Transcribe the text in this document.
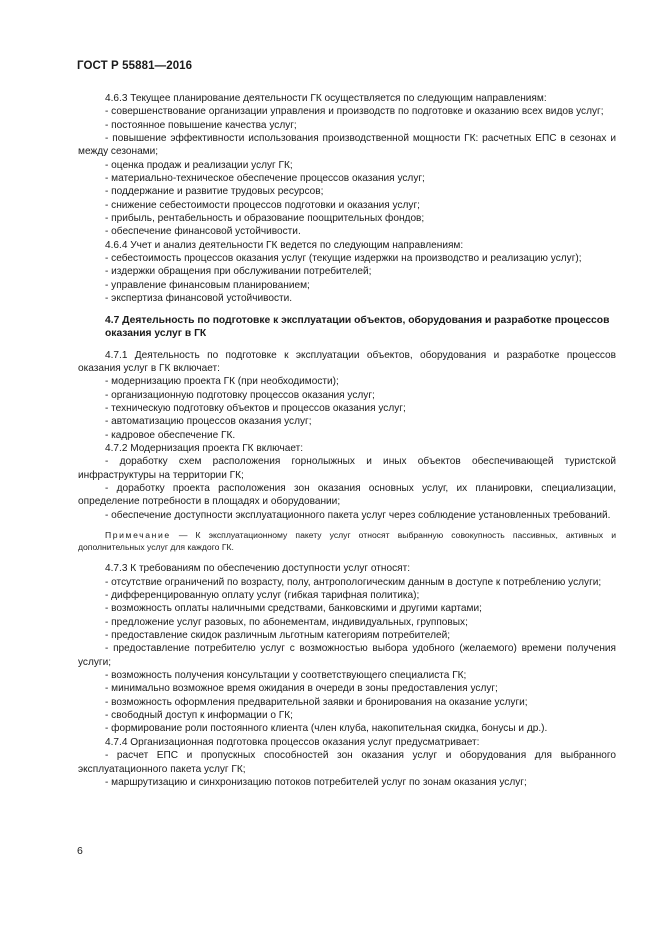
ГОСТ Р 55881—2016

4.6.3 Текущее планирование деятельности ГК осуществляется по следующим направлениям:

- совершенствование организации управления и производств по подготовке и оказанию всех видов услуг;

- постоянное повышение качества услуг;

- повышение эффективности использования производственной мощности ГК: расчетных ЕПС в сезонах и между сезонами;

- оценка продаж и реализации услуг ГК;

- материально-техническое обеспечение процессов оказания услуг;

- поддержание и развитие трудовых ресурсов;

- снижение себестоимости процессов подготовки и оказания услуг;

- прибыль, рентабельность и образование поощрительных фондов;

- обеспечение финансовой устойчивости.

4.6.4 Учет и анализ деятельности ГК ведется по следующим направлениям:

- себестоимость процессов оказания услуг (текущие издержки на производство и реализацию услуг);

- издержки обращения при обслуживании потребителей;

- управление финансовым планированием;

- экспертиза финансовой устойчивости.

4.7 Деятельность по подготовке к эксплуатации объектов, оборудования и разработке процессов оказания услуг в ГК

4.7.1 Деятельность по подготовке к эксплуатации объектов, оборудования и разработке процессов оказания услуг в ГК включает:

- модернизацию проекта ГК (при необходимости);

- организационную подготовку процессов оказания услуг;

- техническую подготовку объектов и процессов оказания услуг;

- автоматизацию процессов оказания услуг;

- кадровое обеспечение ГК.

4.7.2 Модернизация проекта ГК включает:

- доработку схем расположения горнолыжных и иных объектов обеспечивающей туристской инфраструктуры на территории ГК;

- доработку проекта расположения зон оказания основных услуг, их планировки, специализации, определение потребности в площадях и оборудовании;

- обеспечение доступности эксплуатационного пакета услуг через соблюдение установленных требований.

Примечание — К эксплуатационному пакету услуг относят выбранную совокупность пассивных, активных и дополнительных услуг для каждого ГК.

4.7.3 К требованиям по обеспечению доступности услуг относят:

- отсутствие ограничений по возрасту, полу, антропологическим данным в доступе к потреблению услуги;

- дифференцированную оплату услуг (гибкая тарифная политика);

- возможность оплаты наличными средствами, банковскими и другими картами;

- предложение услуг разовых, по абонементам, индивидуальных, групповых;

- предоставление скидок различным льготным категориям потребителей;

- предоставление потребителю услуг с возможностью выбора удобного (желаемого) времени получения услуги;

- возможность получения консультации у соответствующего специалиста ГК;

- минимально возможное время ожидания в очереди в зоны предоставления услуг;

- возможность оформления предварительной заявки и бронирования на оказание услуги;

- свободный доступ к информации о ГК;

- формирование роли постоянного клиента (член клуба, накопительная скидка, бонусы и др.).

4.7.4 Организационная подготовка процессов оказания услуг предусматривает:

- расчет ЕПС и пропускных способностей зон оказания услуг и оборудования для выбранного эксплуатационного пакета услуг ГК;

- маршрутизацию и синхронизацию потоков потребителей услуг по зонам оказания услуг;

6
